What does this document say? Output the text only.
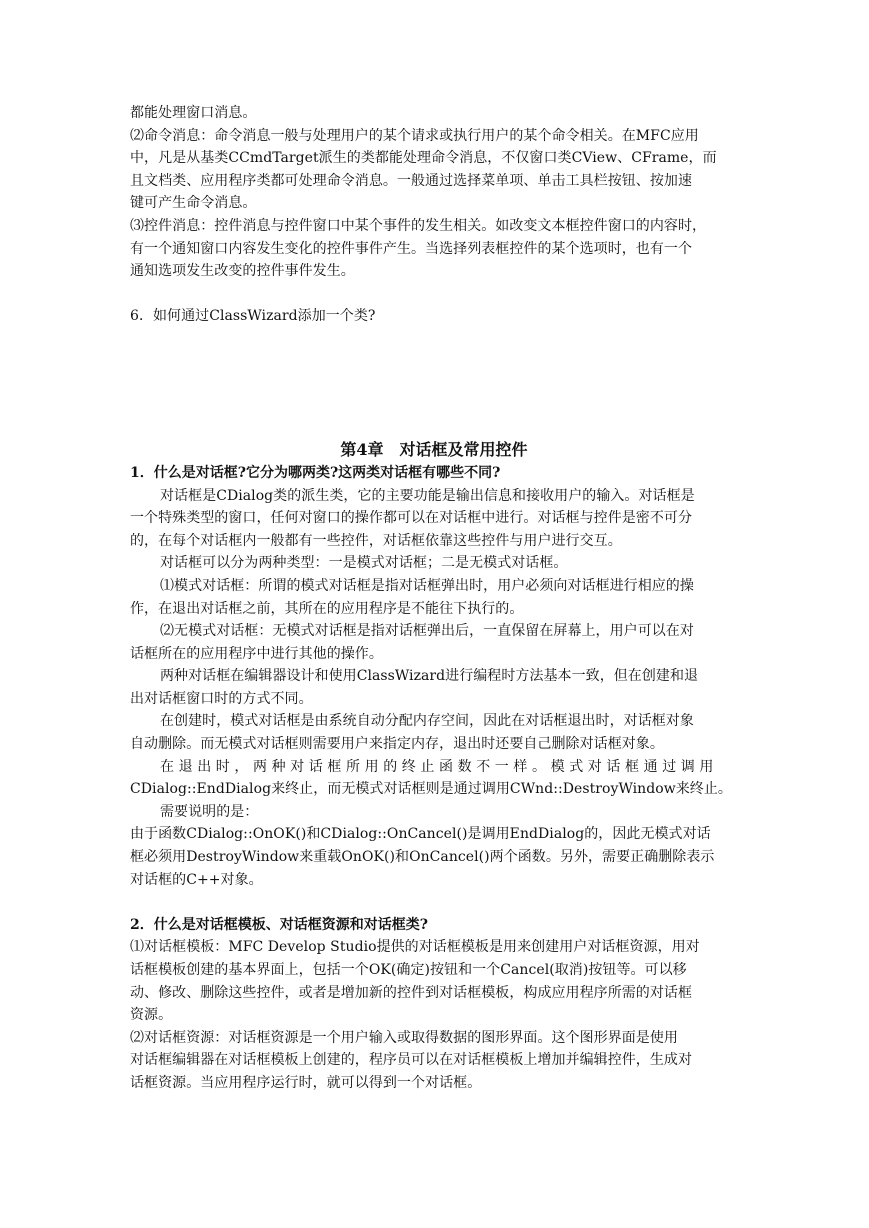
都能处理窗口消息。
⑵命令消息：命令消息一般与处理用户的某个请求或执行用户的某个命令相关。在MFC应用
中，凡是从基类CCmdTarget派生的类都能处理命令消息，不仅窗口类CView、CFrame，而
且文档类、应用程序类都可处理命令消息。一般通过选择菜单项、单击工具栏按钮、按加速
键可产生命令消息。
⑶控件消息：控件消息与控件窗口中某个事件的发生相关。如改变文本框控件窗口的内容时，
有一个通知窗口内容发生变化的控件事件产生。当选择列表框控件的某个选项时，也有一个
通知选项发生改变的控件事件发生。
6．如何通过ClassWizard添加一个类?
第4章　对话框及常用控件
1．什么是对话框?它分为哪两类?这两类对话框有哪些不同?
对话框是CDialog类的派生类，它的主要功能是输出信息和接收用户的输入。对话框是
一个特殊类型的窗口，任何对窗口的操作都可以在对话框中进行。对话框与控件是密不可分
的，在每个对话框内一般都有一些控件，对话框依靠这些控件与用户进行交互。
对话框可以分为两种类型：一是模式对话框；二是无模式对话框。
⑴模式对话框：所谓的模式对话框是指对话框弹出时，用户必须向对话框进行相应的操
作，在退出对话框之前，其所在的应用程序是不能往下执行的。
⑵无模式对话框：无模式对话框是指对话框弹出后，一直保留在屏幕上，用户可以在对
话框所在的应用程序中进行其他的操作。
两种对话框在编辑器设计和使用ClassWizard进行编程时方法基本一致，但在创建和退
出对话框窗口时的方式不同。
在创建时，模式对话框是由系统自动分配内存空间，因此在对话框退出时，对话框对象
自动删除。而无模式对话框则需要用户来指定内存，退出时还要自己删除对话框对象。
在退出时，两种对话框所用的终止函数不一样。模式对话框通过调用
CDialog::EndDialog来终止，而无模式对话框则是通过调用CWnd::DestroyWindow来终止。
需要说明的是：
由于函数CDialog::OnOK()和CDialog::OnCancel()是调用EndDialog的，因此无模式对话
框必须用DestroyWindow来重载OnOK()和OnCancel()两个函数。另外，需要正确删除表示
对话框的C++对象。
2．什么是对话框模板、对话框资源和对话框类?
⑴对话框模板：MFC Develop Studio提供的对话框模板是用来创建用户对话框资源，用对
话框模板创建的基本界面上，包括一个OK(确定)按钮和一个Cancel(取消)按钮等。可以移
动、修改、删除这些控件，或者是增加新的控件到对话框模板，构成应用程序所需的对话框
资源。
⑵对话框资源：对话框资源是一个用户输入或取得数据的图形界面。这个图形界面是使用
对话框编辑器在对话框模板上创建的，程序员可以在对话框模板上增加并编辑控件，生成对
话框资源。当应用程序运行时，就可以得到一个对话框。
